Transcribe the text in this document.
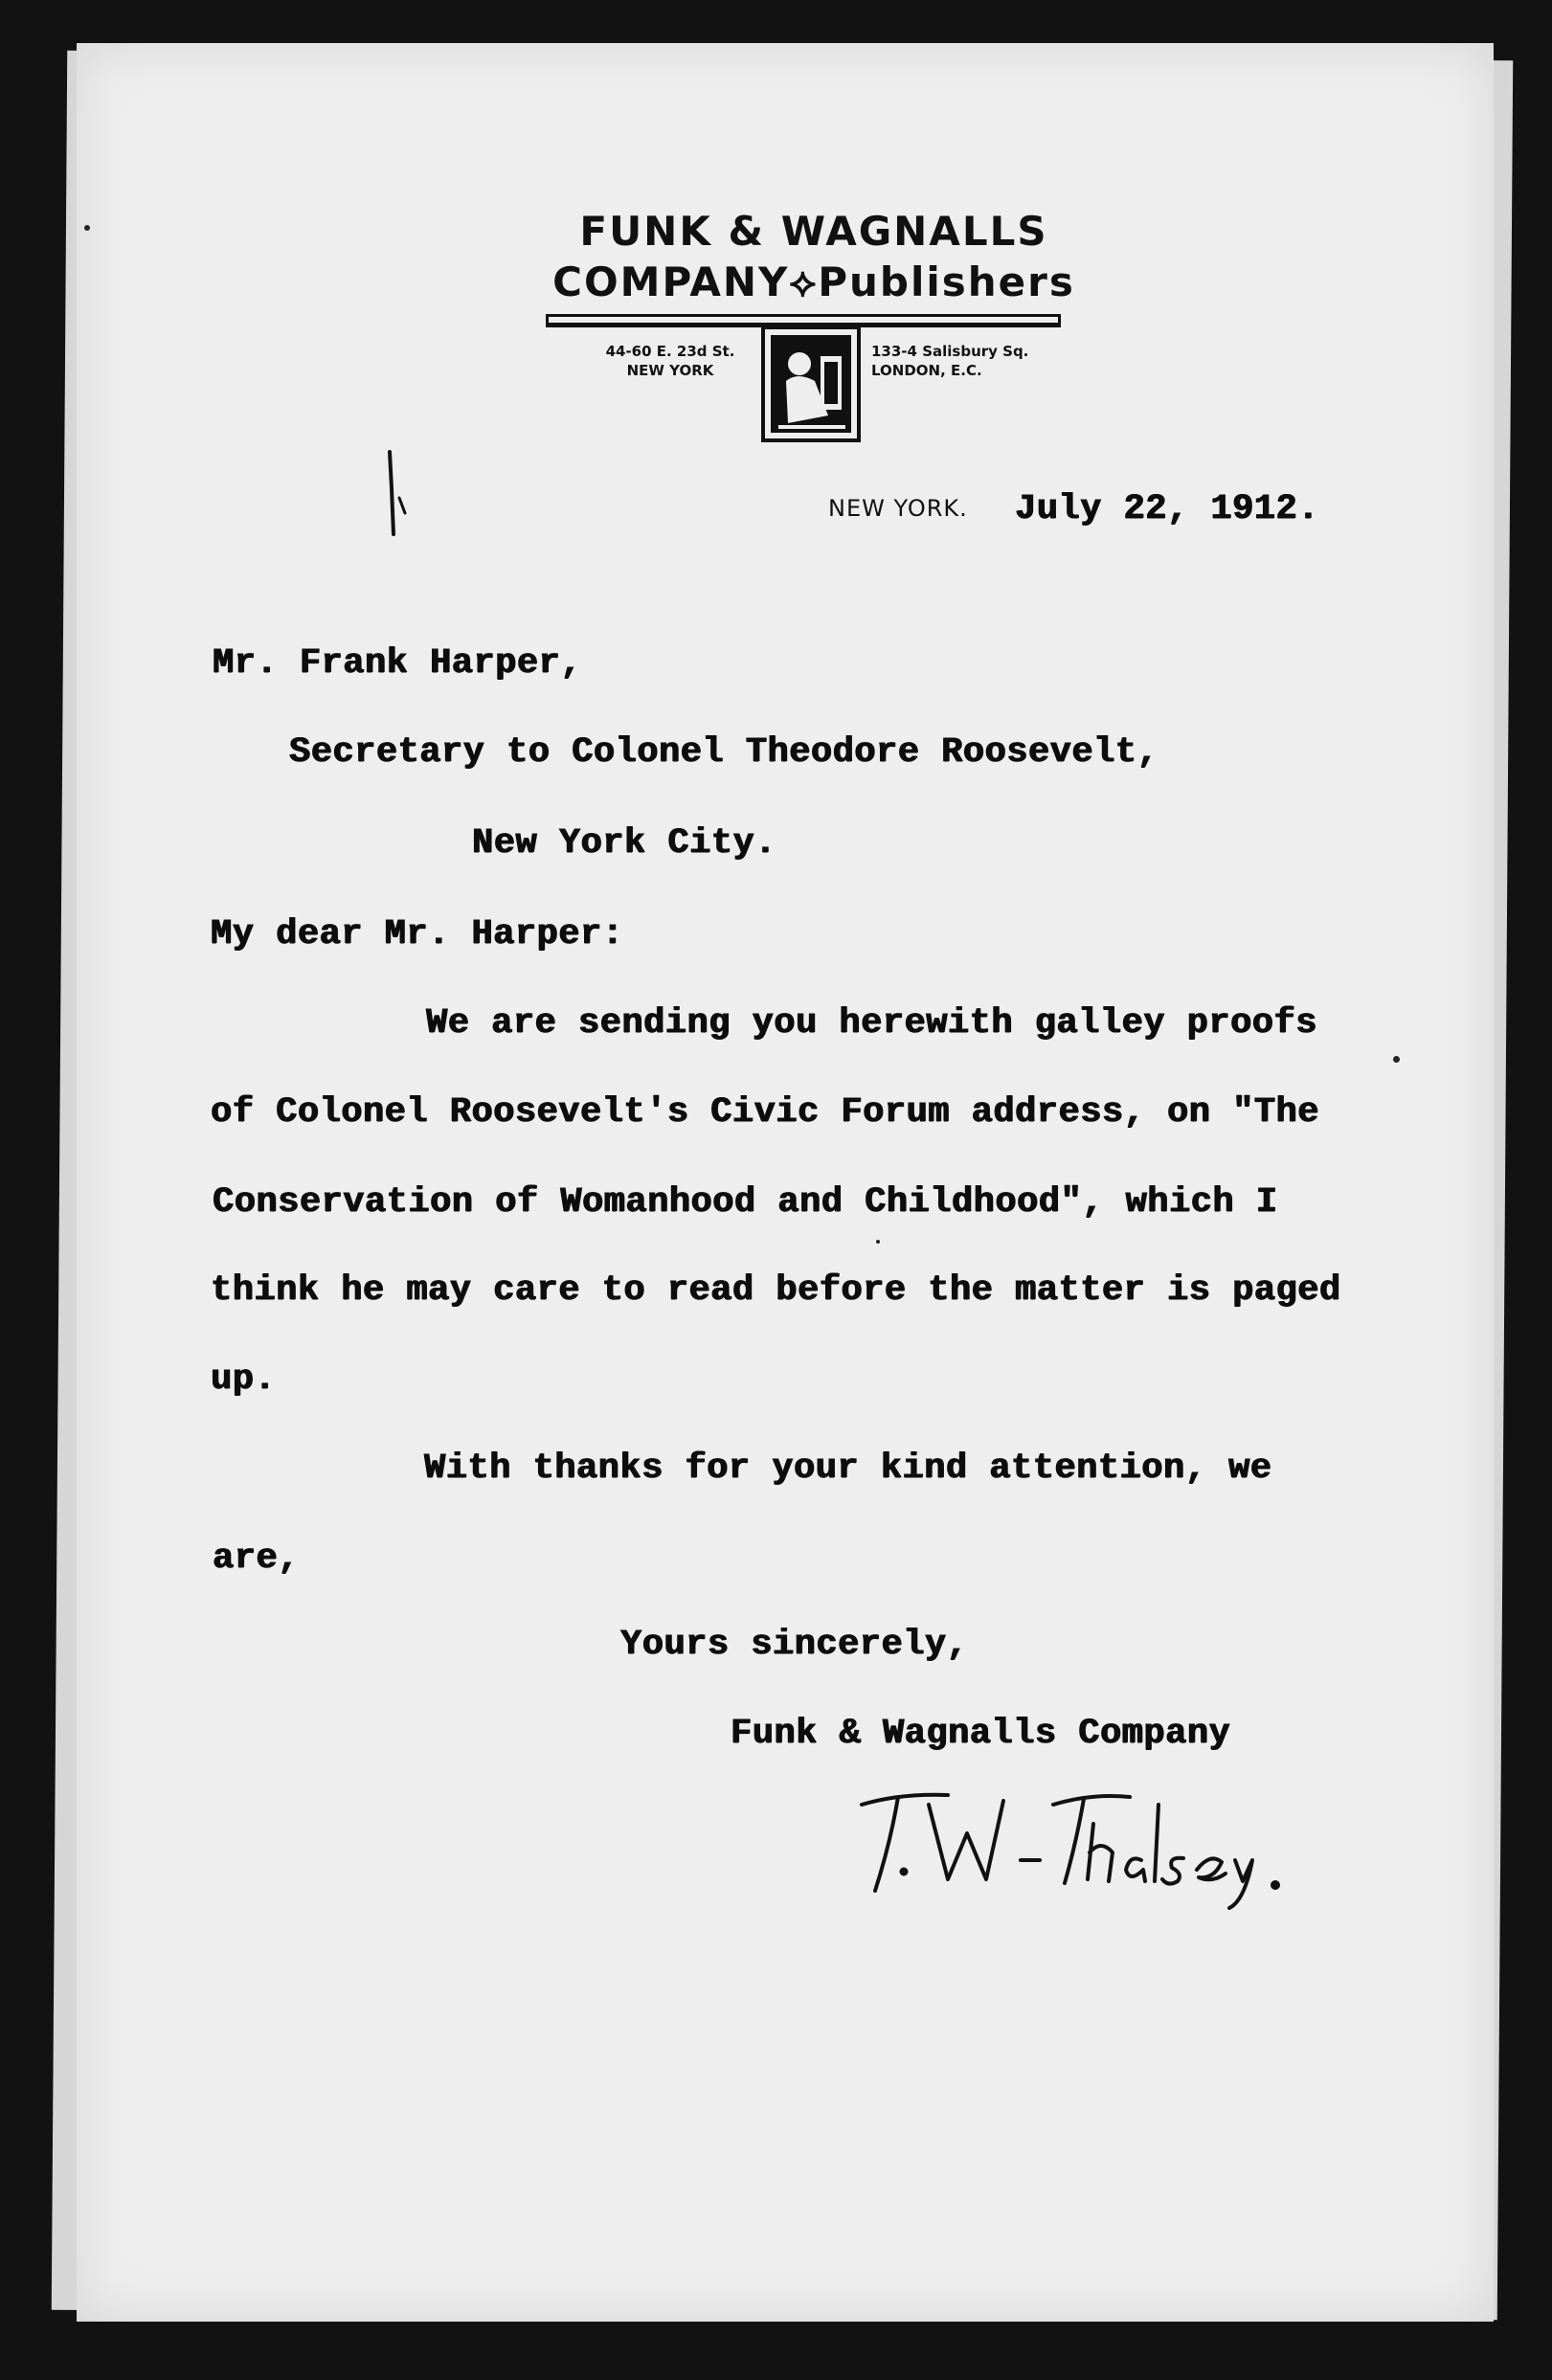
FUNK & WAGNALLS
COMPANY⟡Publishers
44-60 E. 23d St.
NEW YORK
133-4 Salisbury Sq.
LONDON, E.C.
NEW YORK. July 22, 1912.
Mr. Frank Harper,
Secretary to Colonel Theodore Roosevelt,
New York City.
My dear Mr. Harper:
We are sending you herewith galley proofs
of Colonel Roosevelt's Civic Forum address, on "The
Conservation of Womanhood and Childhood", which I
think he may care to read before the matter is paged
up.
With thanks for your kind attention, we
are,
Yours sincerely,
Funk & Wagnalls Company
